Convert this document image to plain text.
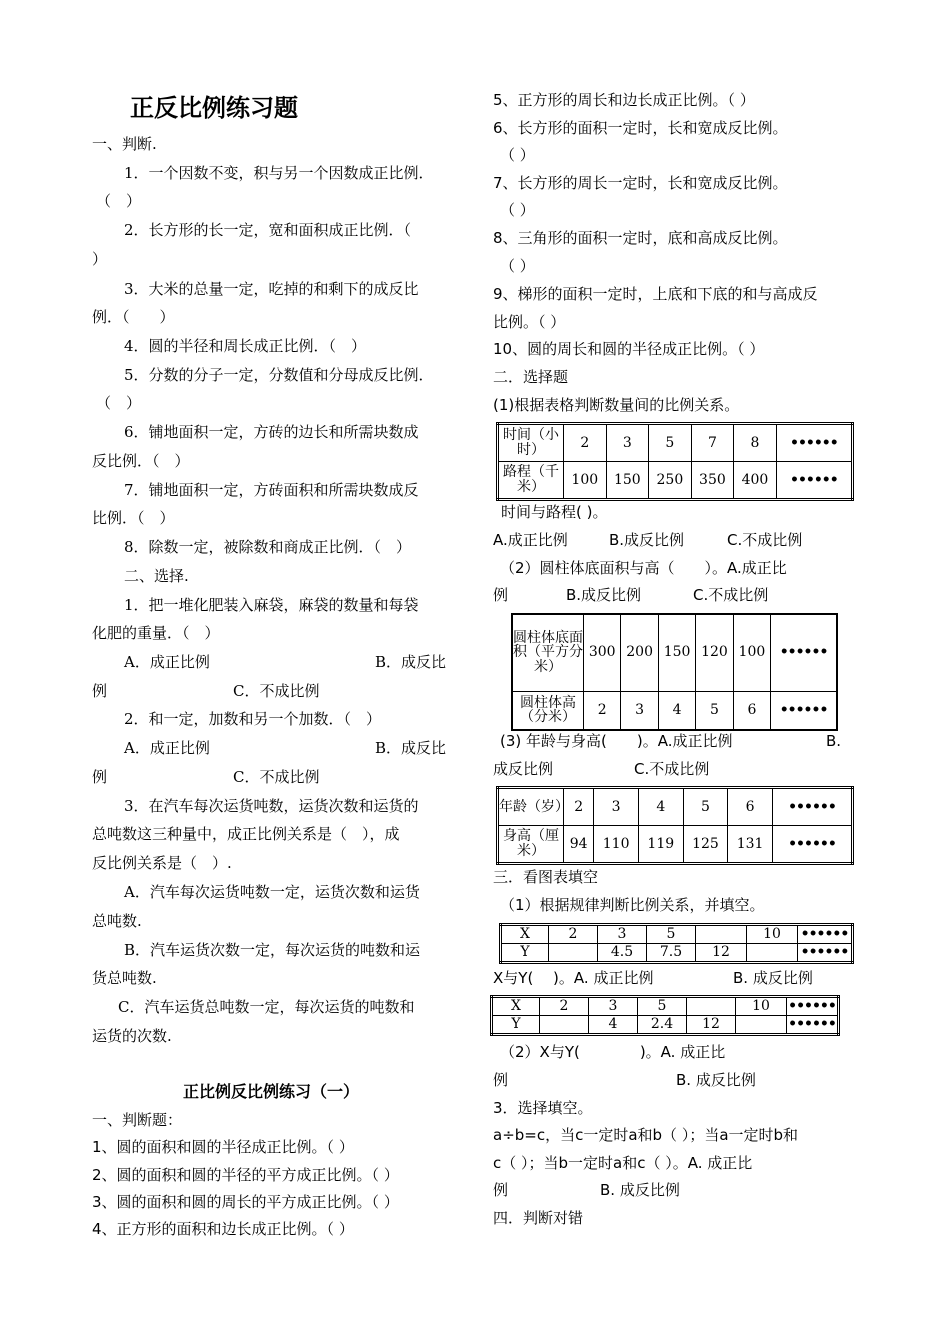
正反比例练习题
一、判断.
1．一个因数不变，积与另一个因数成正比例．
（　）
2．长方形的长一定，宽和面积成正比例．（
）
3．大米的总量一定，吃掉的和剩下的成反比
例．（　　）
4．圆的半径和周长成正比例．（　）
5．分数的分子一定，分数值和分母成反比例．
（　）
6．铺地面积一定，方砖的边长和所需块数成
反比例．（　）
7．铺地面积一定，方砖面积和所需块数成反
比例．（　）
8．除数一定，被除数和商成正比例．（　）
二、选择.
1．把一堆化肥装入麻袋，麻袋的数量和每袋
化肥的重量．（　）
A．成正比例	B．成反比
例	C．不成比例
2．和一定，加数和另一个加数．（　）
A．成正比例	B．成反比
例	C．不成比例
3．在汽车每次运货吨数，运货次数和运货的
总吨数这三种量中，成正比例关系是（　），成
反比例关系是（　）.
A．汽车每次运货吨数一定，运货次数和运货
总吨数.
B．汽车运货次数一定，每次运货的吨数和运
货总吨数.
C．汽车运货总吨数一定，每次运货的吨数和
运货的次数.
正比例反比例练习（一）
一、判断题：
1、圆的面积和圆的半径成正比例。（ ）
2、圆的面积和圆的半径的平方成正比例。（ ）
3、圆的面积和圆的周长的平方成正比例。（ ）
4、正方形的面积和边长成正比例。（ ）
5、正方形的周长和边长成正比例。（ ）
6、长方形的面积一定时，长和宽成反比例。
（ ）
7、长方形的周长一定时，长和宽成反比例。
（ ）
8、三角形的面积一定时，底和高成反比例。
（ ）
9、梯形的面积一定时，上底和下底的和与高成反
比例。（ ）
10、圆的周长和圆的半径成正比例。（ ）
二．选择题
(1)根据表格判断数量间的比例关系。
时间（小时）	2	3	5	7	8	••••••
路程（千米）	100	150	250	350	400	••••••
时间与路程( )。
A.成正比例	B.成反比例	C.不成比例
（2）圆柱体底面积与高（　　）。A.成正比
例	B.成反比例	C.不成比例
圆柱体底面积（平方分米）	300	200	150	120	100	••••••
圆柱体高（分米）	2	3	4	5	6	••••••
(3) 年龄与身高(　　)。A.成正比例	B.
成反比例	C.不成比例
年龄（岁）	2	3	4	5	6	••••••
身高（厘米）	94	110	119	125	131	••••••
三．看图表填空
（1）根据规律判断比例关系，并填空。
X	2	3	5		10	••••••
Y		4.5	7.5	12		••••••
X与Y(　 )。A. 成正比例	B. 成反比例
X	2	3	5		10	••••••
Y		4	2.4	12		••••••
（2）X与Y(　　　　)。A. 成正比
例	B. 成反比例
3．选择填空。
a÷b=c，当c一定时a和b（ ）；当a一定时b和
c（ ）；当b一定时a和c（ ）。A. 成正比
例	B. 成反比例
四．判断对错
